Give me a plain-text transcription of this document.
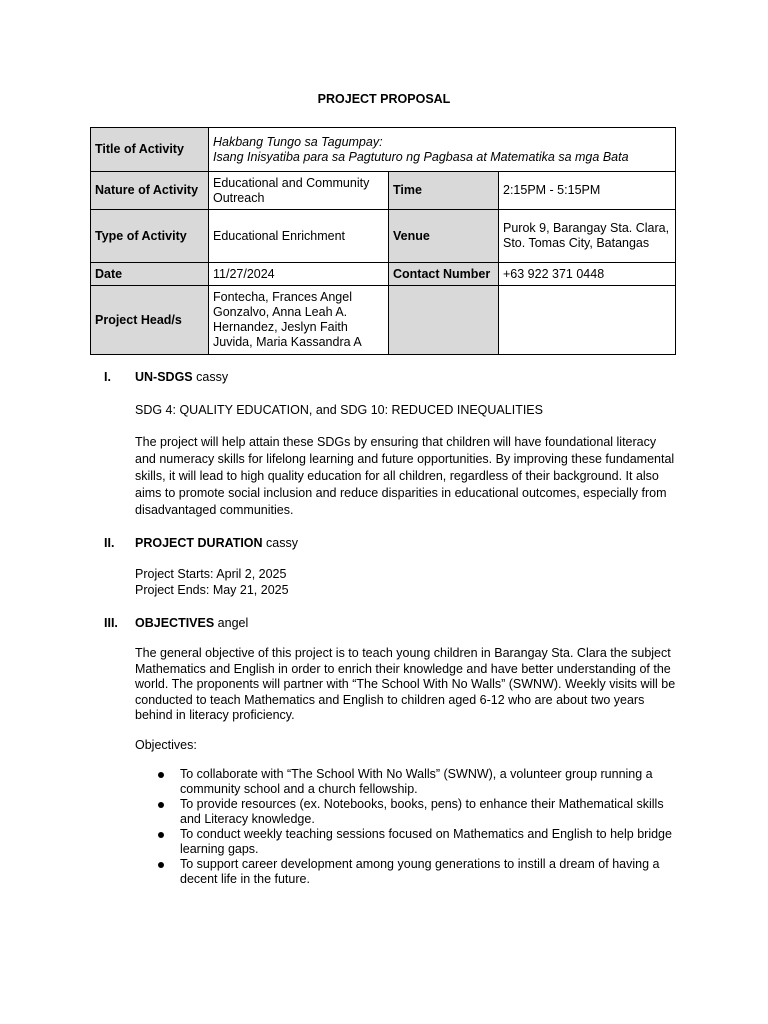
PROJECT PROPOSAL
Title of Activity	Hakbang Tungo sa Tagumpay:
Isang Inisyatiba para sa Pagtuturo ng Pagbasa at Matematika sa mga Bata		

Nature of Activity	Educational and Community Outreach	Time	2:15PM - 5:15PM
Type of Activity	Educational Enrichment	Venue	Purok 9, Barangay Sta. Clara, Sto. Tomas City, Batangas
Date	11/27/2024	Contact Number	+63 922 371 0448
Project Head/s	Fontecha, Frances Angel
Gonzalvo, Anna Leah A.
Hernandez, Jeslyn Faith
Juvida, Maria Kassandra A		

I. UN-SDGS cassy

SDG 4: QUALITY EDUCATION, and SDG 10: REDUCED INEQUALITIES

The project will help attain these SDGs by ensuring that children will have foundational literacy and numeracy skills for lifelong learning and future opportunities. By improving these fundamental skills, it will lead to high quality education for all children, regardless of their background. It also aims to promote social inclusion and reduce disparities in educational outcomes, especially from disadvantaged communities.

II. PROJECT DURATION cassy

Project Starts: April 2, 2025

Project Ends: May 21, 2025

III. OBJECTIVES angel

The general objective of this project is to teach young children in Barangay Sta. Clara the subject Mathematics and English in order to enrich their knowledge and have better understanding of the world. The proponents will partner with “The School With No Walls” (SWNW). Weekly visits will be conducted to teach Mathematics and English to children aged 6-12 who are about two years behind in literacy proficiency.

Objectives:

To collaborate with “The School With No Walls” (SWNW), a volunteer group running a community school and a church fellowship.
To provide resources (ex. Notebooks, books, pens) to enhance their Mathematical skills and Literacy knowledge.
To conduct weekly teaching sessions focused on Mathematics and English to help bridge learning gaps.
To support career development among young generations to instill a dream of having a decent life in the future.
